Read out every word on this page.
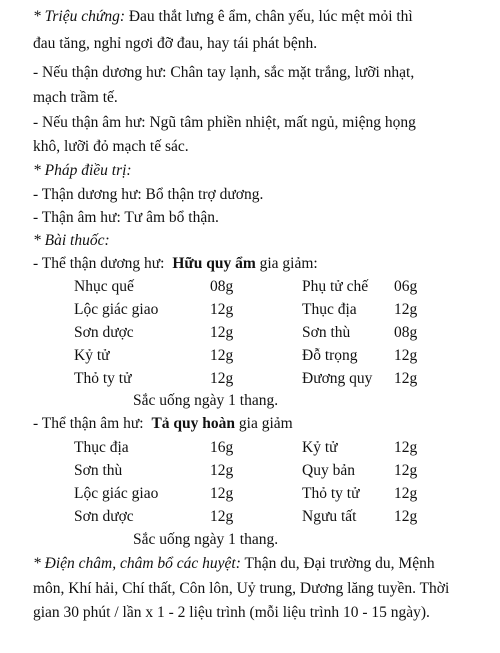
* Triệu chứng: Đau thắt lưng ê ẩm, chân yếu, lúc mệt mỏi thì
đau tăng, nghỉ ngơi đỡ đau, hay tái phát bệnh.
- Nếu thận dương hư: Chân tay lạnh, sắc mặt trắng, lưỡi nhạt,
mạch trầm tế.
- Nếu thận âm hư: Ngũ tâm phiền nhiệt, mất ngủ, miệng họng
khô, lưỡi đỏ mạch tế sác.
* Pháp điều trị:
- Thận dương hư: Bổ thận trợ dương.
- Thận âm hư: Tư âm bổ thận.
* Bài thuốc:
- Thể thận dương hư: Hữu quy ẩm gia giảm:
Nhục quế	08g	Phụ tử chế 06g
Lộc giác giao	12g	Thục địa 12g
Sơn dược	12g	Sơn thù	08g
Kỷ tử	12g	Đỗ trọng 12g
Thỏ ty tử	12g	Đương quy 12g
Sắc uống ngày 1 thang.
- Thể thận âm hư: Tả quy hoàn gia giảm
Thục địa	16g	Kỷ tử	12g
Sơn thù	12g	Quy bản	12g
Lộc giác giao	12g	Thỏ ty tử 12g
Sơn dược	12g	Ngưu tất 12g
Sắc uống ngày 1 thang.
* Điện châm, châm bổ các huyệt: Thận du, Đại trường du, Mệnh
môn, Khí hải, Chí thất, Côn lôn, Uỷ trung, Dương lăng tuyền. Thời
gian 30 phút / lần x 1 - 2 liệu trình (mỗi liệu trình 10 - 15 ngày).
